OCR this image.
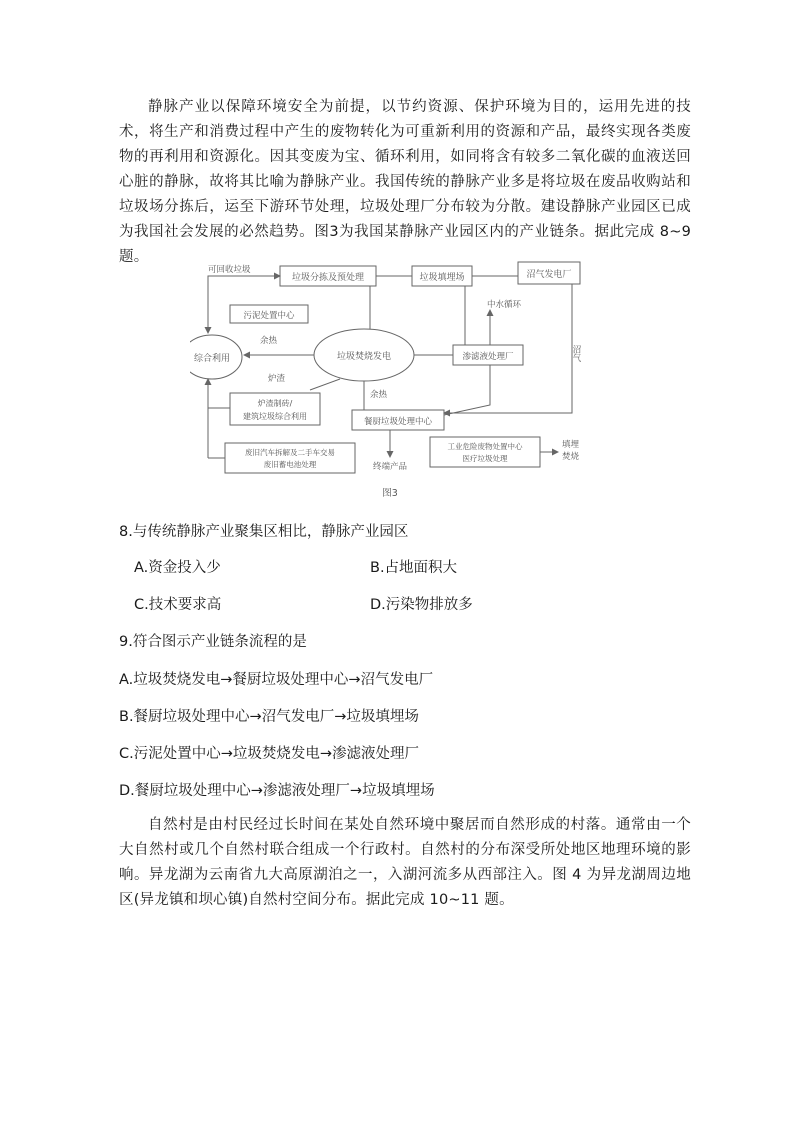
静脉产业以保障环境安全为前提，以节约资源、保护环境为目的，运用先进的技术，将生产和消费过程中产生的废物转化为可重新利用的资源和产品，最终实现各类废物的再利用和资源化。因其变废为宝、循环利用，如同将含有较多二氧化碳的血液送回心脏的静脉，故将其比喻为静脉产业。我国传统的静脉产业多是将垃圾在废品收购站和垃圾场分拣后，运至下游环节处理，垃圾处理厂分布较为分散。建设静脉产业园区已成为我国社会发展的必然趋势。图3为我国某静脉产业园区内的产业链条。据此完成 8~9 题。

垃圾分拣及预处理	垃圾填埋场	沼气发电厂
污泥处置中心
综合利用	垃圾焚烧发电	渗滤液处理厂
中水循环
炉渣制砖/
建筑垃圾综合利用
餐厨垃圾处理中心
废旧汽车拆解及二手车交易
废旧蓄电池处理
工业危险废物处置中心
医疗垃圾处理
终端产品
填埋
焚烧
可回收垃圾
余热
炉渣
余热
沼气
图3

8.与传统静脉产业聚集区相比，静脉产业园区

A.资金投入少	B.占地面积大

C.技术要求高	D.污染物排放多

9.符合图示产业链条流程的是

A.垃圾焚烧发电→餐厨垃圾处理中心→沼气发电厂

B.餐厨垃圾处理中心→沼气发电厂→垃圾填埋场

C.污泥处置中心→垃圾焚烧发电→渗滤液处理厂

D.餐厨垃圾处理中心→渗滤液处理厂→垃圾填埋场

自然村是由村民经过长时间在某处自然环境中聚居而自然形成的村落。通常由一个大自然村或几个自然村联合组成一个行政村。自然村的分布深受所处地区地理环境的影响。异龙湖为云南省九大高原湖泊之一，入湖河流多从西部注入。图 4 为异龙湖周边地区(异龙镇和坝心镇)自然村空间分布。据此完成 10~11 题。
